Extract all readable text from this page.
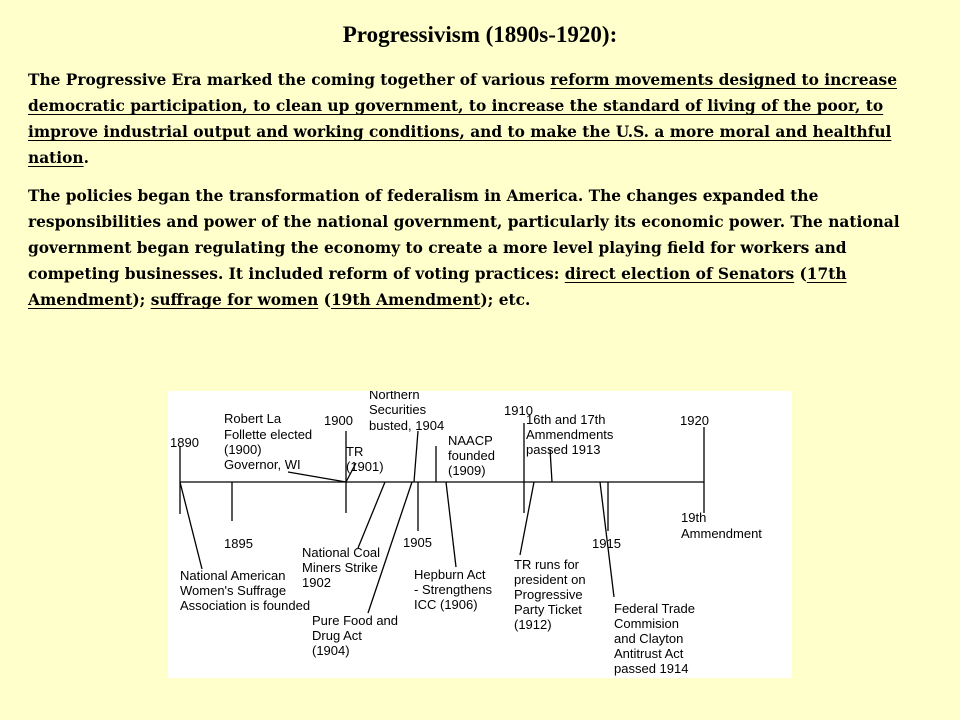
Progressivism (1890s-1920):

The Progressive Era marked the coming together of various reform movements designed to increase democratic participation, to clean up government, to increase the standard of living of the poor, to improve industrial output and working conditions, and to make the U.S. a more moral and healthful nation.

The policies began the transformation of federalism in America. The changes expanded the responsibilities and power of the national government, particularly its economic power. The national government began regulating the economy to create a more level playing field for workers and competing businesses. It included reform of voting practices: direct election of Senators (17th Amendment); suffrage for women (19th Amendment); etc.

1890
1895
1900
1905
1910
1915
1920
Robert La Follette elected (1900) Governor, WI
TR (1901)
Northern Securities busted, 1904
NAACP founded (1909)
16th and 17th Ammendments passed 1913
19th Ammendment
National American Women's Suffrage Association is founded
National Coal Miners Strike 1902
Pure Food and Drug Act (1904)
Hepburn Act - Strengthens ICC (1906)
TR runs for president on Progressive Party Ticket (1912)
Federal Trade Commision and Clayton Antitrust Act passed 1914
